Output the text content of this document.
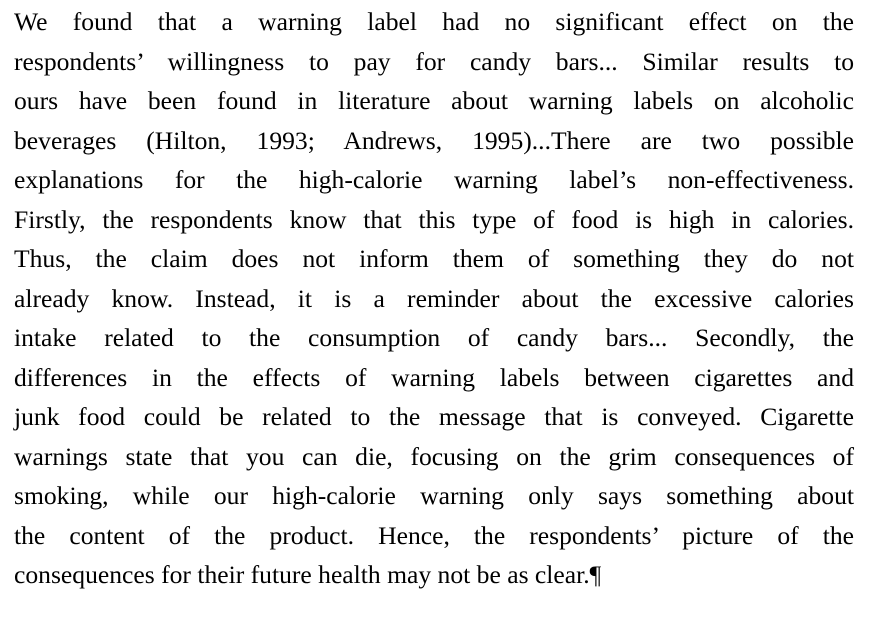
We found that a warning label had no significant effect on the
respondents’ willingness to pay for candy bars... Similar results to
ours have been found in literature about warning labels on alcoholic
beverages (Hilton, 1993; Andrews, 1995)...There are two possible
explanations for the high-calorie warning label’s non-effectiveness.
Firstly, the respondents know that this type of food is high in calories.
Thus, the claim does not inform them of something they do not
already know. Instead, it is a reminder about the excessive calories
intake related to the consumption of candy bars... Secondly, the
differences in the effects of warning labels between cigarettes and
junk food could be related to the message that is conveyed. Cigarette
warnings state that you can die, focusing on the grim consequences of
smoking, while our high-calorie warning only says something about
the content of the product. Hence, the respondents’ picture of the
consequences for their future health may not be as clear.¶
